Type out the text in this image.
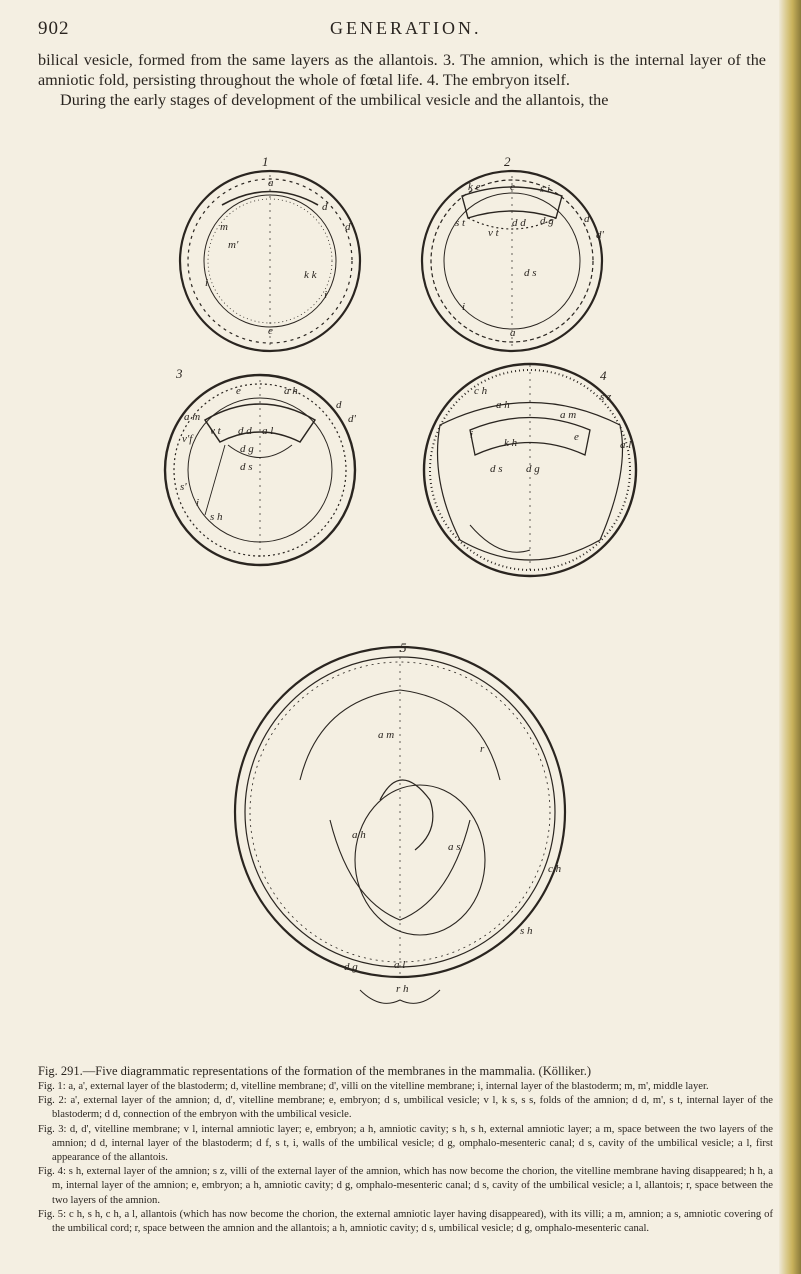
902	GENERATION.

bilical vesicle, formed from the same layers as the allantois. 3. The amnion, which is the internal layer of the amniotic fold, persisting throughout the whole of fœtal life. 4. The embryon itself.

During the early stages of development of the umbilical vesicle and the allantois, the

1	2
a
d
d'
m
m'
k k
i
i
e
k e	e s i
d
s t	d d
v t
d g
d s
d'
i
a
3
e	a h
d
d'
a m
v'f
s'
v t d d a l
d g
d s
s h
i
4
s z
c h
a h
k h
a m
d s d g
a l
i	e
5
a m
r
a h
a s
c h
s h
d g	a l
r h

Fig. 291.—Five diagrammatic representations of the formation of the membranes in the mammalia. (Kölliker.)

Fig. 1: a, a', external layer of the blastoderm; d, vitelline membrane; d', villi on the vitelline membrane; i, internal layer of the blastoderm; m, m', middle layer.

Fig. 2: a', external layer of the amnion; d, d', vitelline membrane; e, embryon; d s, umbilical vesicle; v l, k s, s s, folds of the amnion; d d, m', s t, internal layer of the blastoderm; d d, connection of the embryon with the umbilical vesicle.

Fig. 3: d, d', vitelline membrane; v l, internal amniotic layer; e, embryon; a h, amniotic cavity; s h, s h, external amniotic layer; a m, space between the two layers of the amnion; d d, internal layer of the blastoderm; d f, s t, i, walls of the umbilical vesicle; d g, omphalo-mesenteric canal; d s, cavity of the umbilical vesicle; a l, first appearance of the allantois.

Fig. 4: s h, external layer of the amnion; s z, villi of the external layer of the amnion, which has now become the chorion, the vitelline membrane having disappeared; h h, a m, internal layer of the amnion; e, embryon; a h, amniotic cavity; d g, omphalo-mesenteric canal; d s, cavity of the umbilical vesicle; a l, allantois; r, space between the two layers of the amnion.

Fig. 5: c h, s h, c h, a l, allantois (which has now become the chorion, the external amniotic layer having disappeared), with its villi; a m, amnion; a s, amniotic covering of the umbilical cord; r, space between the amnion and the allantois; a h, amniotic cavity; d s, umbilical vesicle; d g, omphalo-mesenteric canal.
